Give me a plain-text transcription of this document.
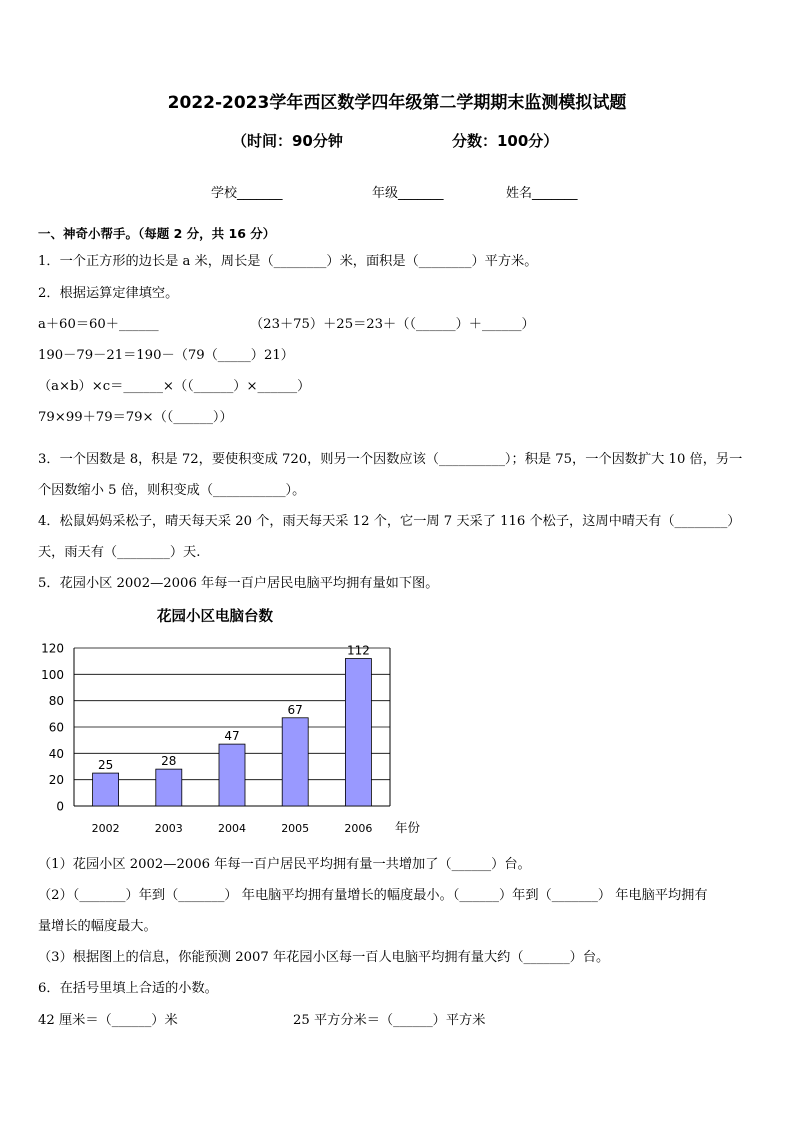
2022-2023学年西区数学四年级第二学期期末监测模拟试题
（时间：90分钟	分数：100分）
学校_______	年级_______	姓名_______
一、神奇小帮手。（每题 2 分，共 16 分）
1．一个正方形的边长是 a 米，周长是（________）米，面积是（________）平方米。
2．根据运算定律填空。
a＋60＝60＋______	（23＋75）＋25＝23＋（（______）＋______）
190－79－21＝190－（79（_____）21）
（a×b）×c＝______×（（______）×______）
79×99＋79＝79×（（______））
3．一个因数是 8，积是 72，要使积变成 720，则另一个因数应该（__________）；积是 75，一个因数扩大 10 倍，另一
个因数缩小 5 倍，则积变成（___________）。
4．松鼠妈妈采松子，晴天每天采 20 个，雨天每天采 12 个，它一周 7 天采了 116 个松子，这周中晴天有（________）
天，雨天有（________）天.
5．花园小区 2002—2006 年每一百户居民电脑平均拥有量如下图。
花园小区电脑台数
0
20
40
60
80
100
120
25
2002
28
2003
47
2004
67
2005
112
2006 年份
（1）花园小区 2002—2006 年每一百户居民平均拥有量一共增加了（______）台。
（2）（_______）年到（_______） 年电脑平均拥有量增长的幅度最小。（______）年到（_______） 年电脑平均拥有
量增长的幅度最大。
（3）根据图上的信息，你能预测 2007 年花园小区每一百人电脑平均拥有量大约（_______）台。
6．在括号里填上合适的小数。
42 厘米＝（______）米	25 平方分米＝（______）平方米
